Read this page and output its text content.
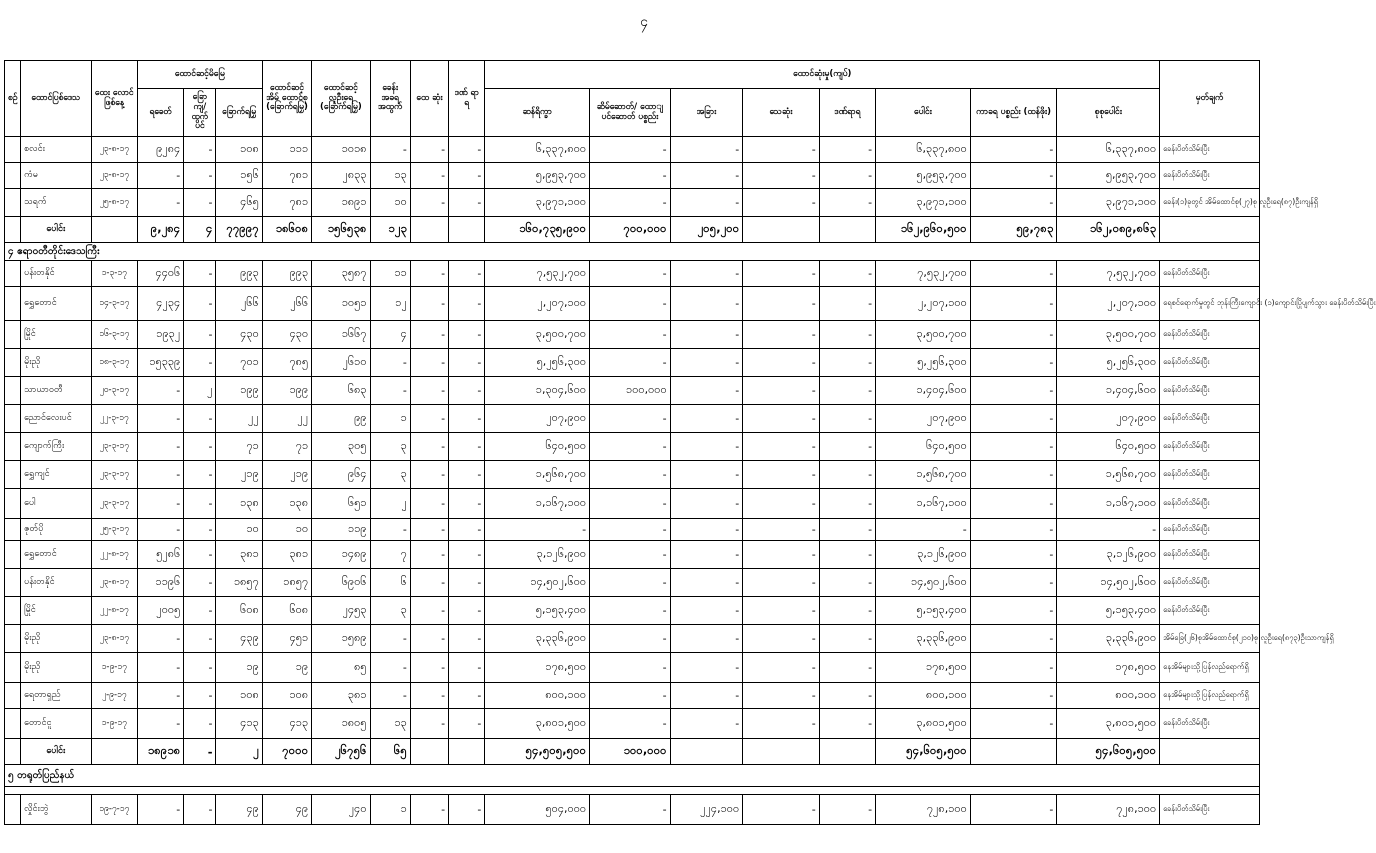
၄
စဉ်	ထောင်ပြစ်ဒေသ	ထေး လောင် ဖြစ်နေ့	ထောင်ဆင့်မိမြေ			ထောင်ဆင့် အိမ် ထောင်စု (ခြောက်ရမြှ)	ထောင်ဆင့် လူဦးရေ (ခြောက်ရမြှ)	ခေန်း အခရ အထွက်	ထေ ဆုံး	ဒဏ် ရာ ရ	ထောင်ဆုံးမှု(ကျပ်)								မှတ်ချက်
			ရခေတ်	ခြောကျ/ ထွက်ပင်	ခြောက်ရမြှ						ဆန်ရိက္ခာ	ဆိမ်ဆောတ်/ ထောျပင်ဆောတ် ပစ္စည်း	အခြား	သေဆုံး	ဒဏ်ရာရ	ပေါင်း	ကာခရ ပစ္စည်း (ထန်ဖိုး)	စုစုပေါင်း	
	စလင်း	၂၃-၈-၁၇	၉၂၈၄	-	၁၀၈	၁၁၁	၁၀၁၈	-	-	-	၆,၃၃၇,၈၀၀	-	-	-	-	၆,၃၃၇,၈၀၀	-	၆,၃၃၇,၈၀၀	ခေန်းပိတ်သိမ်းပြီး
	ကံမ	၂၃-၈-၁၇	-	-	၁၅၆	၇၈၁	၂၈၃၃	၁၃	-	-	၅,၉၅၃,၇၀၀	-	-	-	-	၅,၉၅၃,၇၀၀	-	၅,၉၅၃,၇၀၀	ခေန်းပိတ်သိမ်းပြီး
	သရက်	၂၅-၈-၁၇	-	-	၄၆၅	၇၈၁	၁၈၉၁	၁၀	-	-	၃,၉၇၁,၁၀၀	-	-	-	-	၃,၉၇၁,၁၀၀	-	၃,၉၇၁,၁၀၀	ခေန်း(၁)ခုတွင် အိမ်ထောင်စု(၂၇)စု လူဦးရေ(၈၇)ဦးကျန်ရှိ
	ပေါင်း		၉,၂၈၄	၄	၇၇၉၉၇	၁၈၆၀၈	၁၅၆၅၃၈	၁၂၃			၁၆၀,၇၃၅,၉၀၀	၇၀၀,၀၀၀	၂၀၅,၂၀၀			၁၆၂,၉၆၀,၅၀၀	၅၉,၇၈၃	၁၆၂,၀၈၉,၈၆၃	
၄ ဧရာဝတီတိုင်းဒေသကြီး																			
	ပန်းတနိုင်	၁-၃-၁၇	၄၄၀၆	-	၉၉၃	၉၉၃	၃၅၈၇	၁၁	-	-	၇,၅၃၂,၇၀၀	-	-	-	-	၇,၅၃၂,၇၀၀	-	၇,၅၃၂,၇၀၀	ခေန်းပိတ်သိမ်းပြီး
	ရွှေတောင်	၁၄-၃-၁၇	၄၂၃၄	-	၂၆၆	၂၆၆	၁၀၅၁	၁၂	-	-	၂,၂၀၇,၁၀၀	-	-	-	-	၂,၂၀၇,၁၀၀	-	၂,၂၀၇,၁၀၀	ရေစင်ရောက်မှုတွင် ဘုန်းကြီးကျောင်း (၁)ကျောင်းပြိုပျက်သွား ခေန်းပိတ်သိမ်းပြီး
	မြိုင်	၁၆-၃-၁၇	၁၉၃၂	-	၄၃၀	၄၃၀	၁၆၆၇	၄	-	-	၃,၅၀၀,၇၀၀	-	-	-	-	၃,၅၀၀,၇၀၀	-	၃,၅၀၀,၇၀၀	ခေန်းပိတ်သိမ်းပြီး
	မိုးညို	၁၈-၃-၁၇	၁၅၃၃၉	-	၇၀၁	၇၈၅	၂၆၁၀	-	-	-	၅,၂၅၆,၃၀၀	-	-	-	-	၅,၂၅၆,၃၀၀	-	၅,၂၅၆,၃၀၀	ခေန်းပိတ်သိမ်းပြီး
	သာယာဝတီ	၂၀-၃-၁၇	-	၂	၁၉၉	၁၉၉	၆၈၃	-	-	-	၁,၃၀၄,၆၀၀	၁၀၀,၀၀၀	-	-	-	၁,၄၀၄,၆၀၀	-	၁,၄၀၄,၆၀၀	ခေန်းပိတ်သိမ်းပြီး
	ညောင်လေးပင်	၂၂-၃-၁၇	-	-	၂၂	၂၂	၉၉	၁	-	-	၂၀၇,၉၀၀	-	-	-	-	၂၀၇,၉၀၀	-	၂၀၇,၉၀၀	ခေန်းပိတ်သိမ်းပြီး
	ကျောက်ကြီး	၂၃-၃-၁၇	-	-	၇၁	၇၁	၃၀၅	၃	-	-	၆၄၀,၅၀၀	-	-	-	-	၆၄၀,၅၀၀	-	၆၄၀,၅၀၀	ခေန်းပိတ်သိမ်းပြီး
	ရွှေကျင်	၂၃-၃-၁၇	-	-	၂၁၉	၂၁၉	၉၆၄	၃	-	-	၁,၅၆၈,၇၀၀	-	-	-	-	၁,၅၆၈,၇၀၀	-	၁,၅၆၈,၇၀၀	ခေန်းပိတ်သိမ်းပြီး
	ပေါ	၂၃-၃-၁၇	-	-	၁၃၈	၁၃၈	၆၅၁	၂	-	-	၁,၁၆၇,၁၀၀	-	-	-	-	၁,၁၆၇,၁၀၀	-	၁,၁၆၇,၁၀၀	ခေန်းပိတ်သိမ်းပြီး
	ဇုတ်ပို	၂၅-၃-၁၇	-	-	၁၀	၁၀	၁၁၉	-	-	-	-	-	-	-	-	-	-	-	ခေန်းပိတ်သိမ်းပြီး
	ရွှေတောင်	၂၂-၈-၁၇	၅၂၈၆	-	၃၈၁	၃၈၁	၁၄၈၉	၇	-	-	၃,၁၂၆,၉၀၀	-	-	-	-	၃,၁၂၆,၉၀၀	-	၃,၁၂၆,၉၀၀	ခေန်းပိတ်သိမ်းပြီး
	ပန်းတနိုင်	၂၃-၈-၁၇	၁၁၉၆	-	၁၈၅၇	၁၈၅၇	၆၉၀၆	၆	-	-	၁၄,၅၀၂,၆၀၀	-	-	-	-	၁၄,၅၀၂,၆၀၀	-	၁၄,၅၀၂,၆၀၀	ခေန်းပိတ်သိမ်းပြီး
	မြိုင်	၂၂-၈-၁၇	၂၀၀၅	-	၆၀၈	၆၀၈	၂၄၅၃	၃	-	-	၅,၁၅၃,၄၀၀	-	-	-	-	၅,၁၅၃,၄၀၀	-	၅,၁၅၃,၄၀၀	ခေန်းပိတ်သိမ်းပြီး
	မိုးညို	၂၃-၈-၁၇	-	-	၄၃၉	၄၅၁	၁၅၈၉	-	-	-	၃,၃၃၆,၉၀၀	-	-	-	-	၃,၃၃၆,၉၀၀	-	၃,၃၃၆,၉၀၀	အိမ်ခြေ(၂၆)စုအိမ်ထောင်စု(၂၁၀)စု လူဦးရေ(၈၇၃)ဦးသာကျန်ရှိ
	မိုးညို	၁-၉-၁၇	-	-	၁၉	၁၉	၈၅	-	-	-	၁၇၈,၅၀၀	-	-	-	-	၁၇၈,၅၀၀	-	၁၇၈,၅၀၀	နေအိမ်များသို့ပြန်လည်ရောက်ရှိ
	ရေတာရှည်	၂-၉-၁၇	-	-	၁၀၈	၁၀၈	၃၈၁	-	-	-	၈၀၀,၁၀၀	-	-	-	-	၈၀၀,၁၀၀	-	၈၀၀,၁၀၀	နေအိမ်များသို့ပြန်လည်ရောက်ရှိ
	တောင်ငူ	၁-၉-၁၇	-	-	၄၁၃	၄၁၃	၁၈၀၅	၁၃	-	-	၃,၈၀၁,၅၀၀	-	-	-	-	၃,၈၀၁,၅၀၀	-	၃,၈၀၁,၅၀၀	ခေန်းပိတ်သိမ်းပြီး
	ပေါင်း		၁၈၉၁၈	-	၂	၇၀၀၀	၂၆၇၅၆	၆၅			၅၄,၅၀၅,၅၀၀	၁၀၀,၀၀၀				၅၄,၆၀၅,၅၀၀		၅၄,၆၀၅,၅၀၀	
၅ တရုတ်ပြည်နယ်																			

	လှိုင်းဘွဲ	၁၉-၇-၁၇	-	-	၄၉	၄၉	၂၄၀	၁	-	-	၅၀၄,၀၀၀	-	၂၂၄,၁၀၀	-	-	၇၂၈,၁၀၀	-	၇၂၈,၁၀၀	ခေန်းပိတ်သိမ်းပြီး
